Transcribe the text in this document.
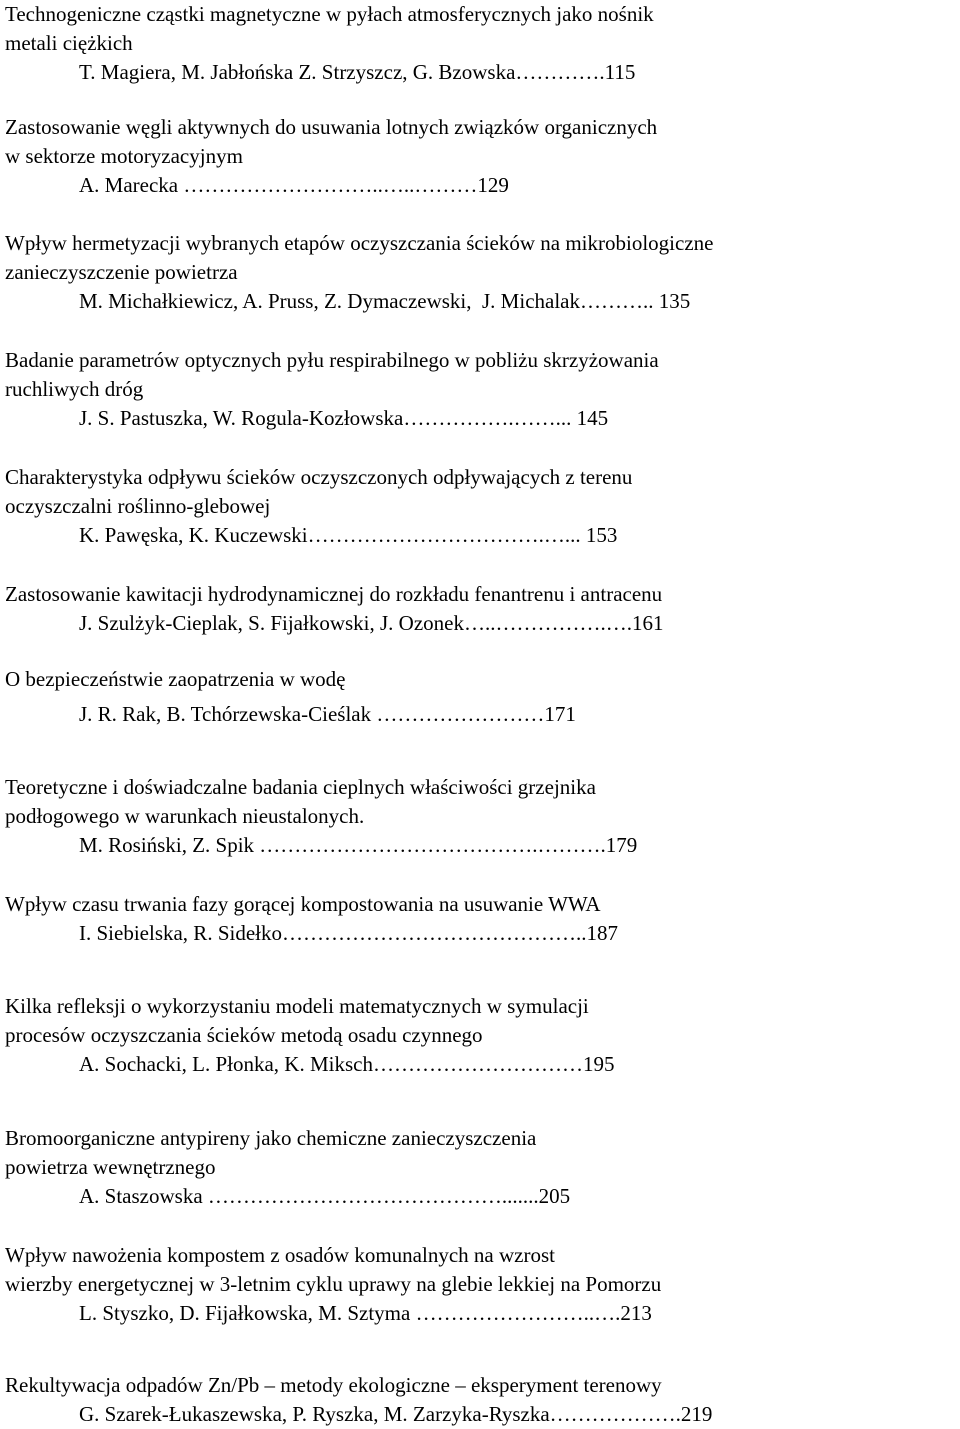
Technogeniczne cząstki magnetyczne w pyłach atmosferycznych jako nośnik
metali ciężkich
T. Magiera, M. Jabłońska Z. Strzyszcz, G. Bzowska………….115
Zastosowanie węgli aktywnych do usuwania lotnych związków organicznych
w sektorze motoryzacyjnym
A. Marecka ………………………..…..………129
Wpływ hermetyzacji wybranych etapów oczyszczania ścieków na mikrobiologiczne
zanieczyszczenie powietrza
M. Michałkiewicz, A. Pruss, Z. Dymaczewski,  J. Michalak……….. 135
Badanie parametrów optycznych pyłu respirabilnego w pobliżu skrzyżowania
ruchliwych dróg
J. S. Pastuszka, W. Rogula-Kozłowska…………….……... 145
Charakterystyka odpływu ścieków oczyszczonych odpływających z terenu
oczyszczalni roślinno-glebowej
K. Pawęska, K. Kuczewski…………………………….…... 153
Zastosowanie kawitacji hydrodynamicznej do rozkładu fenantrenu i antracenu
J. Szulżyk-Cieplak, S. Fijałkowski, J. Ozonek…..…………….….161
O bezpieczeństwie zaopatrzenia w wodę
J. R. Rak, B. Tchórzewska-Cieślak ……………………171
Teoretyczne i doświadczalne badania cieplnych właściwości grzejnika
podłogowego w warunkach nieustalonych.
M. Rosiński, Z. Spik ………………………………….……….179
Wpływ czasu trwania fazy gorącej kompostowania na usuwanie WWA
I. Siebielska, R. Sidełko……………………………………..187
Kilka refleksji o wykorzystaniu modeli matematycznych w symulacji
procesów oczyszczania ścieków metodą osadu czynnego
A. Sochacki, L. Płonka, K. Miksch…………………………195
Bromoorganiczne antypireny jako chemiczne zanieczyszczenia
powietrza wewnętrznego
A. Staszowska …………………………………….......205
Wpływ nawożenia kompostem z osadów komunalnych na wzrost
wierzby energetycznej w 3-letnim cyklu uprawy na glebie lekkiej na Pomorzu
L. Styszko, D. Fijałkowska, M. Sztyma ……………………..….213
Rekultywacja odpadów Zn/Pb – metody ekologiczne – eksperyment terenowy
G. Szarek-Łukaszewska, P. Ryszka, M. Zarzyka-Ryszka……………….219
